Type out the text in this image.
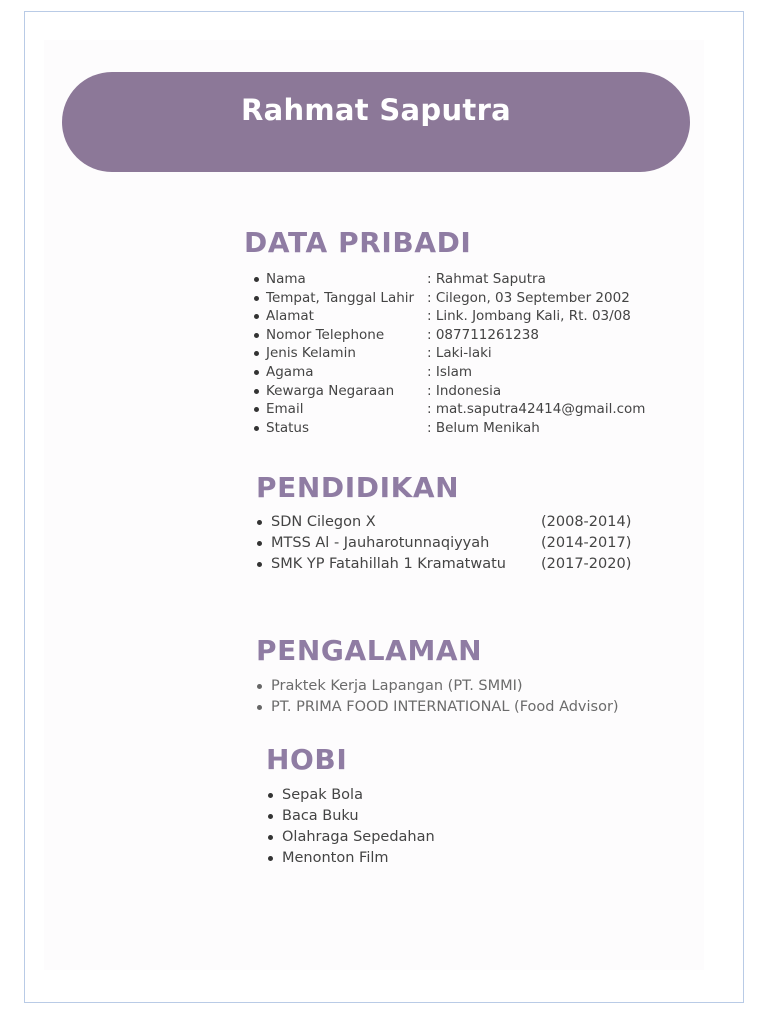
Rahmat Saputra
DATA PRIBADI
Nama	: Rahmat Saputra
Tempat, Tanggal Lahir : Cilegon, 03 September 2002
Alamat	: Link. Jombang Kali, Rt. 03/08
Nomor Telephone	: 087711261238
Jenis Kelamin	: Laki-laki
Agama	: Islam
Kewarga Negaraan : Indonesia
Email	: mat.saputra42414@gmail.com
Status	: Belum Menikah
PENDIDIKAN
SDN Cilegon X	(2008-2014)
MTSS Al - Jauharotunnaqiyyah	(2014-2017)
SMK YP Fatahillah 1 Kramatwatu (2017-2020)
PENGALAMAN
Praktek Kerja Lapangan (PT. SMMI)
PT. PRIMA FOOD INTERNATIONAL (Food Advisor)
HOBI
Sepak Bola
Baca Buku
Olahraga Sepedahan
Menonton Film
